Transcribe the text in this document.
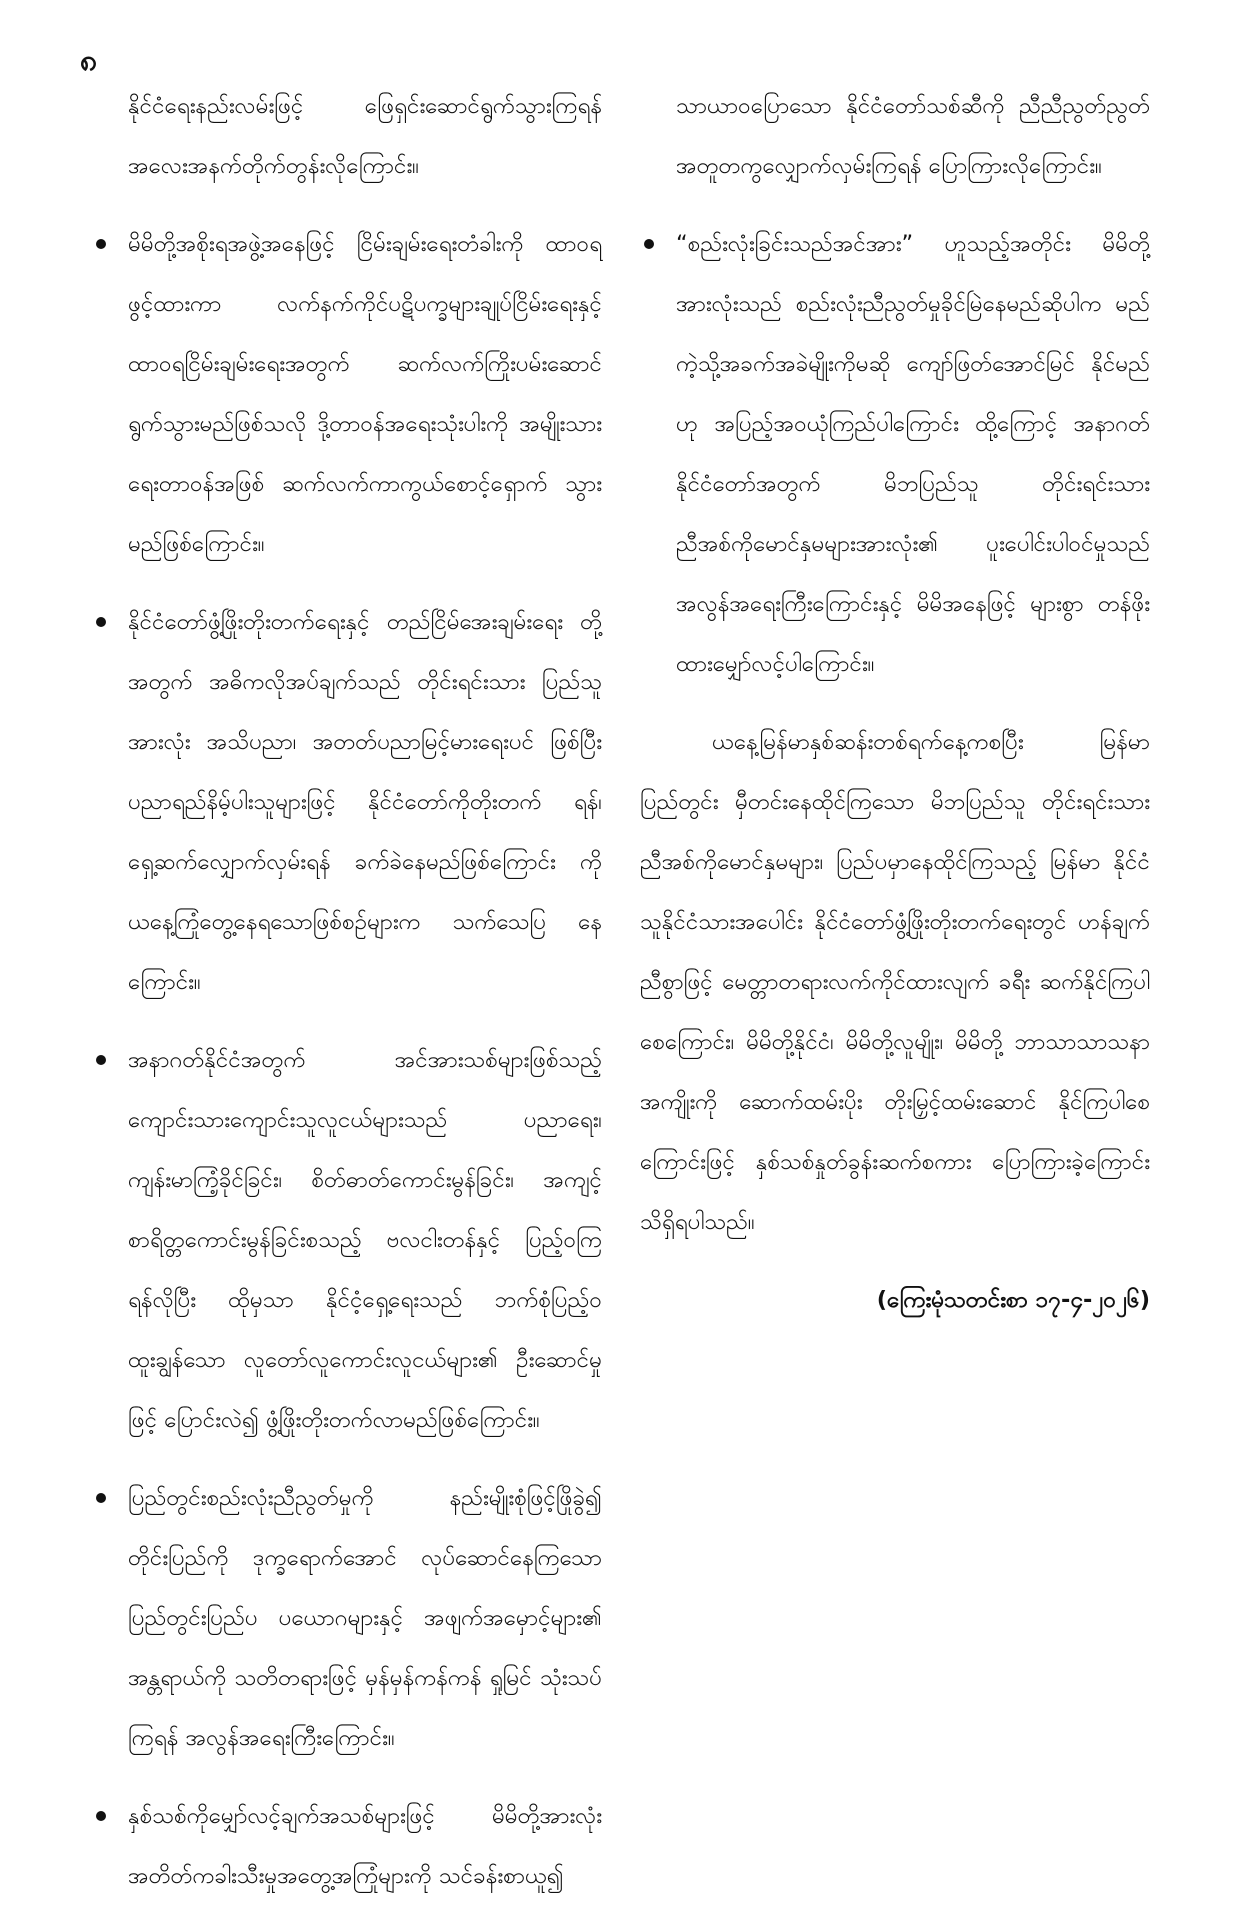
၈

နိုင်ငံရေးနည်းလမ်းဖြင့် ဖြေရှင်းဆောင်ရွက်သွားကြရန် အလေးအနက်တိုက်တွန်းလိုကြောင်း။

မိမိတို့အစိုးရအဖွဲ့အနေဖြင့် ငြိမ်းချမ်းရေးတံခါးကို ထာဝရ ဖွင့်ထားကာ လက်နက်ကိုင်ပဋိပက္ခများချုပ်ငြိမ်းရေးနှင့် ထာဝရငြိမ်းချမ်းရေးအတွက် ဆက်လက်ကြိုးပမ်းဆောင် ရွက်သွားမည်ဖြစ်သလို ဒို့တာဝန်အရေးသုံးပါးကို အမျိုးသား ရေးတာဝန်အဖြစ် ဆက်လက်ကာကွယ်စောင့်ရှောက် သွားမည်ဖြစ်ကြောင်း။
နိုင်ငံတော်ဖွံ့ဖြိုးတိုးတက်ရေးနှင့် တည်ငြိမ်အေးချမ်းရေး တို့အတွက် အဓိကလိုအပ်ချက်သည် တိုင်းရင်းသား ပြည်သူအားလုံး အသိပညာ၊ အတတ်ပညာမြင့်မားရေးပင် ဖြစ်ပြီး ပညာရည်နိမ့်ပါးသူများဖြင့် နိုင်ငံတော်ကိုတိုးတက် ရန်၊ ရှေ့ဆက်လျှောက်လှမ်းရန် ခက်ခဲနေမည်ဖြစ်ကြောင်း ကို ယနေ့ကြုံတွေ့နေရသောဖြစ်စဉ်များက သက်သေပြ နေကြောင်း။
အနာဂတ်နိုင်ငံအတွက် အင်အားသစ်များဖြစ်သည့် ကျောင်းသားကျောင်းသူလူငယ်များသည် ပညာရေး၊ ကျန်းမာကြံ့ခိုင်ခြင်း၊ စိတ်ဓာတ်ကောင်းမွန်ခြင်း၊ အကျင့် စာရိတ္တကောင်းမွန်ခြင်းစသည့် ဗလငါးတန်နှင့် ပြည့်ဝကြ ရန်လိုပြီး ထိုမှသာ နိုင်ငံ့ရှေ့ရေးသည် ဘက်စုံပြည့်ဝ ထူးချွန်သော လူတော်လူကောင်းလူငယ်များ၏ ဦးဆောင်မှု ဖြင့် ပြောင်းလဲ၍ ဖွံ့ဖြိုးတိုးတက်လာမည်ဖြစ်ကြောင်း။
ပြည်တွင်းစည်းလုံးညီညွတ်မှုကို နည်းမျိုးစုံဖြင့်ဖြိုခွဲ၍ တိုင်းပြည်ကို ဒုက္ခရောက်အောင် လုပ်ဆောင်နေကြသော ပြည်တွင်းပြည်ပ ပယောဂများနှင့် အဖျက်အမှောင့်များ၏ အန္တရာယ်ကို သတိတရားဖြင့် မှန်မှန်ကန်ကန် ရှုမြင် သုံးသပ်ကြရန် အလွန်အရေးကြီးကြောင်း။
နှစ်သစ်ကိုမျှော်လင့်ချက်အသစ်များဖြင့် မိမိတို့အားလုံး အတိတ်ကခါးသီးမှုအတွေ့အကြုံများကို သင်ခန်းစာယူ၍

သာယာဝပြောသော နိုင်ငံတော်သစ်ဆီကို ညီညီညွတ်ညွတ် အတူတကွလျှောက်လှမ်းကြရန် ပြောကြားလိုကြောင်း။

“စည်းလုံးခြင်းသည်အင်အား” ဟူသည့်အတိုင်း မိမိတို့ အားလုံးသည် စည်းလုံးညီညွတ်မှုခိုင်မြဲနေမည်ဆိုပါက မည်ကဲ့သို့အခက်အခဲမျိုးကိုမဆို ကျော်ဖြတ်အောင်မြင် နိုင်မည်ဟု အပြည့်အဝယုံကြည်ပါကြောင်း ထို့ကြောင့် အနာဂတ်နိုင်ငံတော်အတွက် မိဘပြည်သူ တိုင်းရင်းသား ညီအစ်ကိုမောင်နှမများအားလုံး၏ ပူးပေါင်းပါဝင်မှုသည် အလွန်အရေးကြီးကြောင်းနှင့် မိမိအနေဖြင့် များစွာ တန်ဖိုးထားမျှော်လင့်ပါကြောင်း။

ယနေ့မြန်မာနှစ်ဆန်းတစ်ရက်နေ့ကစပြီး မြန်မာ ပြည်တွင်း မှီတင်းနေထိုင်ကြသော မိဘပြည်သူ တိုင်းရင်းသား ညီအစ်ကိုမောင်နှမများ၊ ပြည်ပမှာနေထိုင်ကြသည့် မြန်မာ နိုင်ငံသူနိုင်ငံသားအပေါင်း နိုင်ငံတော်ဖွံ့ဖြိုးတိုးတက်ရေးတွင် ဟန်ချက်ညီစွာဖြင့် မေတ္တာတရားလက်ကိုင်ထားလျက် ခရီး ဆက်နိုင်ကြပါစေကြောင်း၊ မိမိတို့နိုင်ငံ၊ မိမိတို့လူမျိုး၊ မိမိတို့ ဘာသာသာသနာအကျိုးကို ဆောက်ထမ်းပိုး တိုးမြှင့်ထမ်းဆောင် နိုင်ကြပါစေကြောင်းဖြင့် နှစ်သစ်နှုတ်ခွန်းဆက်စကား ပြောကြားခဲ့ကြောင်း သိရှိရပါသည်။

(ကြေးမုံသတင်းစာ ၁၇-၄-၂၀၂၆)
